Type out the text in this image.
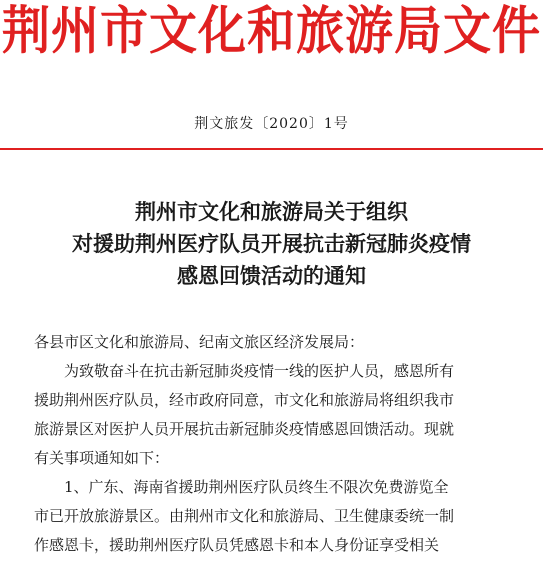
荆州市文化和旅游局文件
荆文旅发〔2020〕1号
荆州市文化和旅游局关于组织
对援助荆州医疗队员开展抗击新冠肺炎疫情
感恩回馈活动的通知

各县市区文化和旅游局、纪南文旅区经济发展局：

为致敬奋斗在抗击新冠肺炎疫情一线的医护人员，感恩所有

援助荆州医疗队员，经市政府同意，市文化和旅游局将组织我市

旅游景区对医护人员开展抗击新冠肺炎疫情感恩回馈活动。现就

有关事项通知如下：

1、广东、海南省援助荆州医疗队员终生不限次免费游览全

市已开放旅游景区。由荆州市文化和旅游局、卫生健康委统一制

作感恩卡，援助荆州医疗队员凭感恩卡和本人身份证享受相关
